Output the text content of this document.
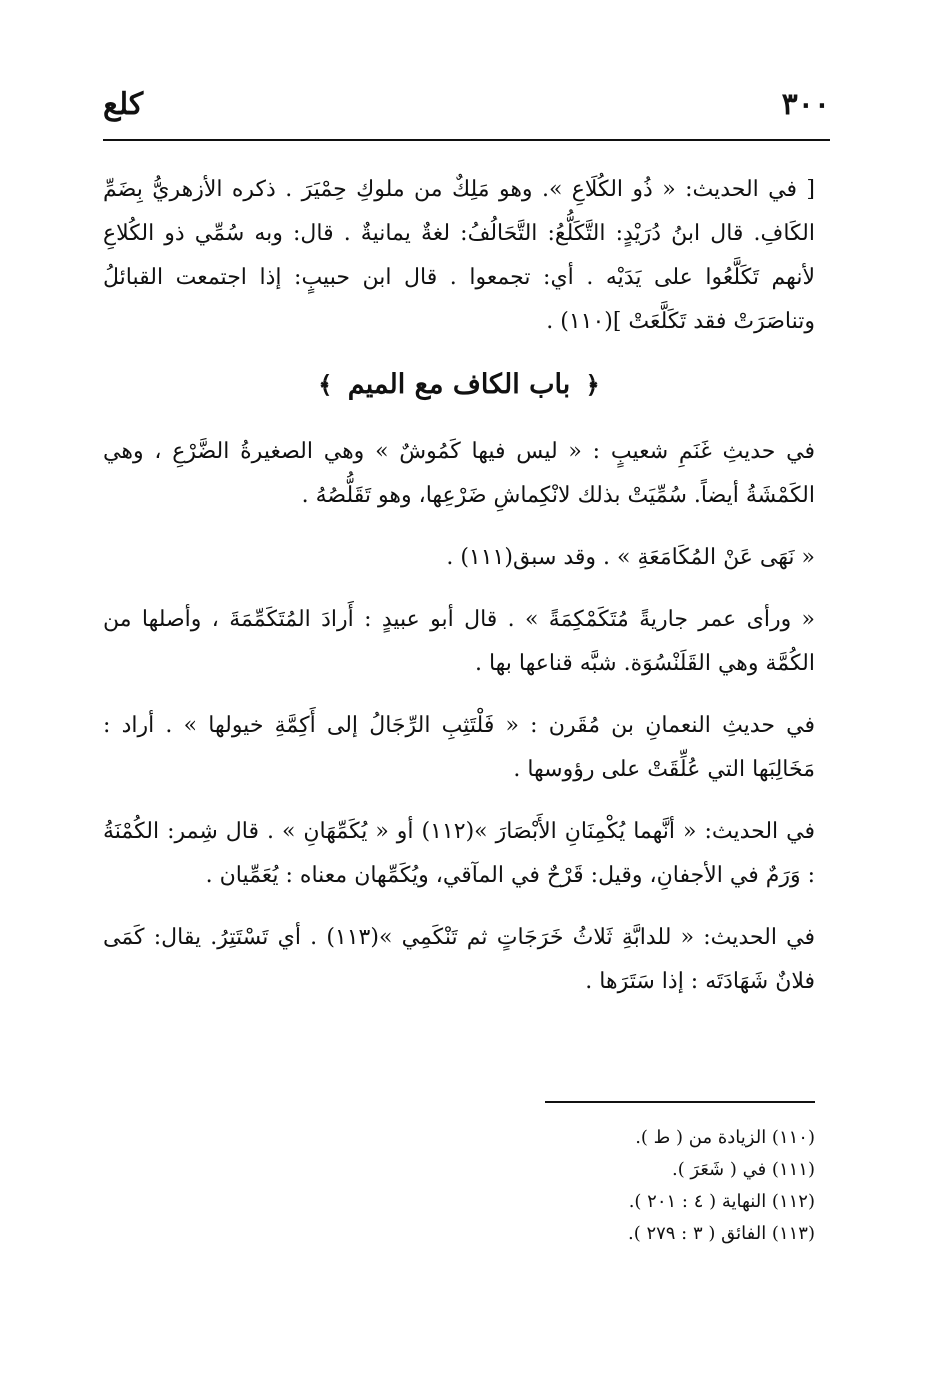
٣٠٠
كلع

[ في الحديث: « ذُو الكُلَاعِ ». وهو مَلِكٌ من ملوكِ حِمْيَرَ . ذكره الأزهريُّ بِضَمِّ الكَافِ. قال ابنُ دُرَيْدٍ: التَّكَلُّعُ: التَّحَالُفُ: لغةٌ يمانيةٌ . قال: وبه سُمِّي ذو الكُلاعِ لأنهم تَكَلَّعُوا على يَدَيْه . أي: تجمعوا . قال ابن حبيبٍ: إذا اجتمعت القبائلُ وتناصَرَتْ فقد تَكَلَّعَتْ ](١١٠) .

﴿ باب الكاف مع الميم ﴾

في حديثِ غَنَمِ شعيبٍ : « ليس فيها كَمُوشٌ » وهي الصغيرةُ الضَّرْعِ ، وهي الكَمْشَةُ أيضاً. سُمِّيَتْ بذلك لانْكِماشِ ضَرْعِها، وهو تَقَلُّصُهُ .

« نَهَى عَنْ المُكَامَعَةِ » . وقد سبق(١١١) .

« ورأى عمر جاريةً مُتَكَمْكِمَةً » . قال أبو عبيدٍ : أَرادَ المُتَكَمِّمَةَ ، وأصلها من الكُمَّة وهي القَلَنْسُوَة. شبَّه قناعها بها .

في حديثِ النعمانِ بن مُقَرن : « فَلْتَثِبِ الرِّجَالُ إلى أَكِمَّةِ خيولها » . أراد : مَخَالِبَها التي عُلِّقَتْ على رؤوسها .

في الحديث: « أنَّهما يُكْمِنَانِ الأَبْصَارَ »(١١٢) أو « يُكَمِّهَانِ » . قال شِمر: الكُمْنَةُ : وَرَمٌ في الأجفانِ، وقيل: قَرْحٌ في المآقي، ويُكَمِّهان معناه : يُعَمِّيان .

في الحديث: « للدابَّةِ ثَلاثُ خَرَجَاتٍ ثم تَنْكَمِي »(١١٣) . أي تَسْتَتِرُ. يقال: كَمَى فلانٌ شَهَادَتَه : إذا سَتَرَها .

(١١٠) الزيادة من ( ط ).

(١١١) في ( شَعَرَ ).

(١١٢) النهاية ( ٤ : ٢٠١ ).

(١١٣) الفائق ( ٣ : ٢٧٩ ).
